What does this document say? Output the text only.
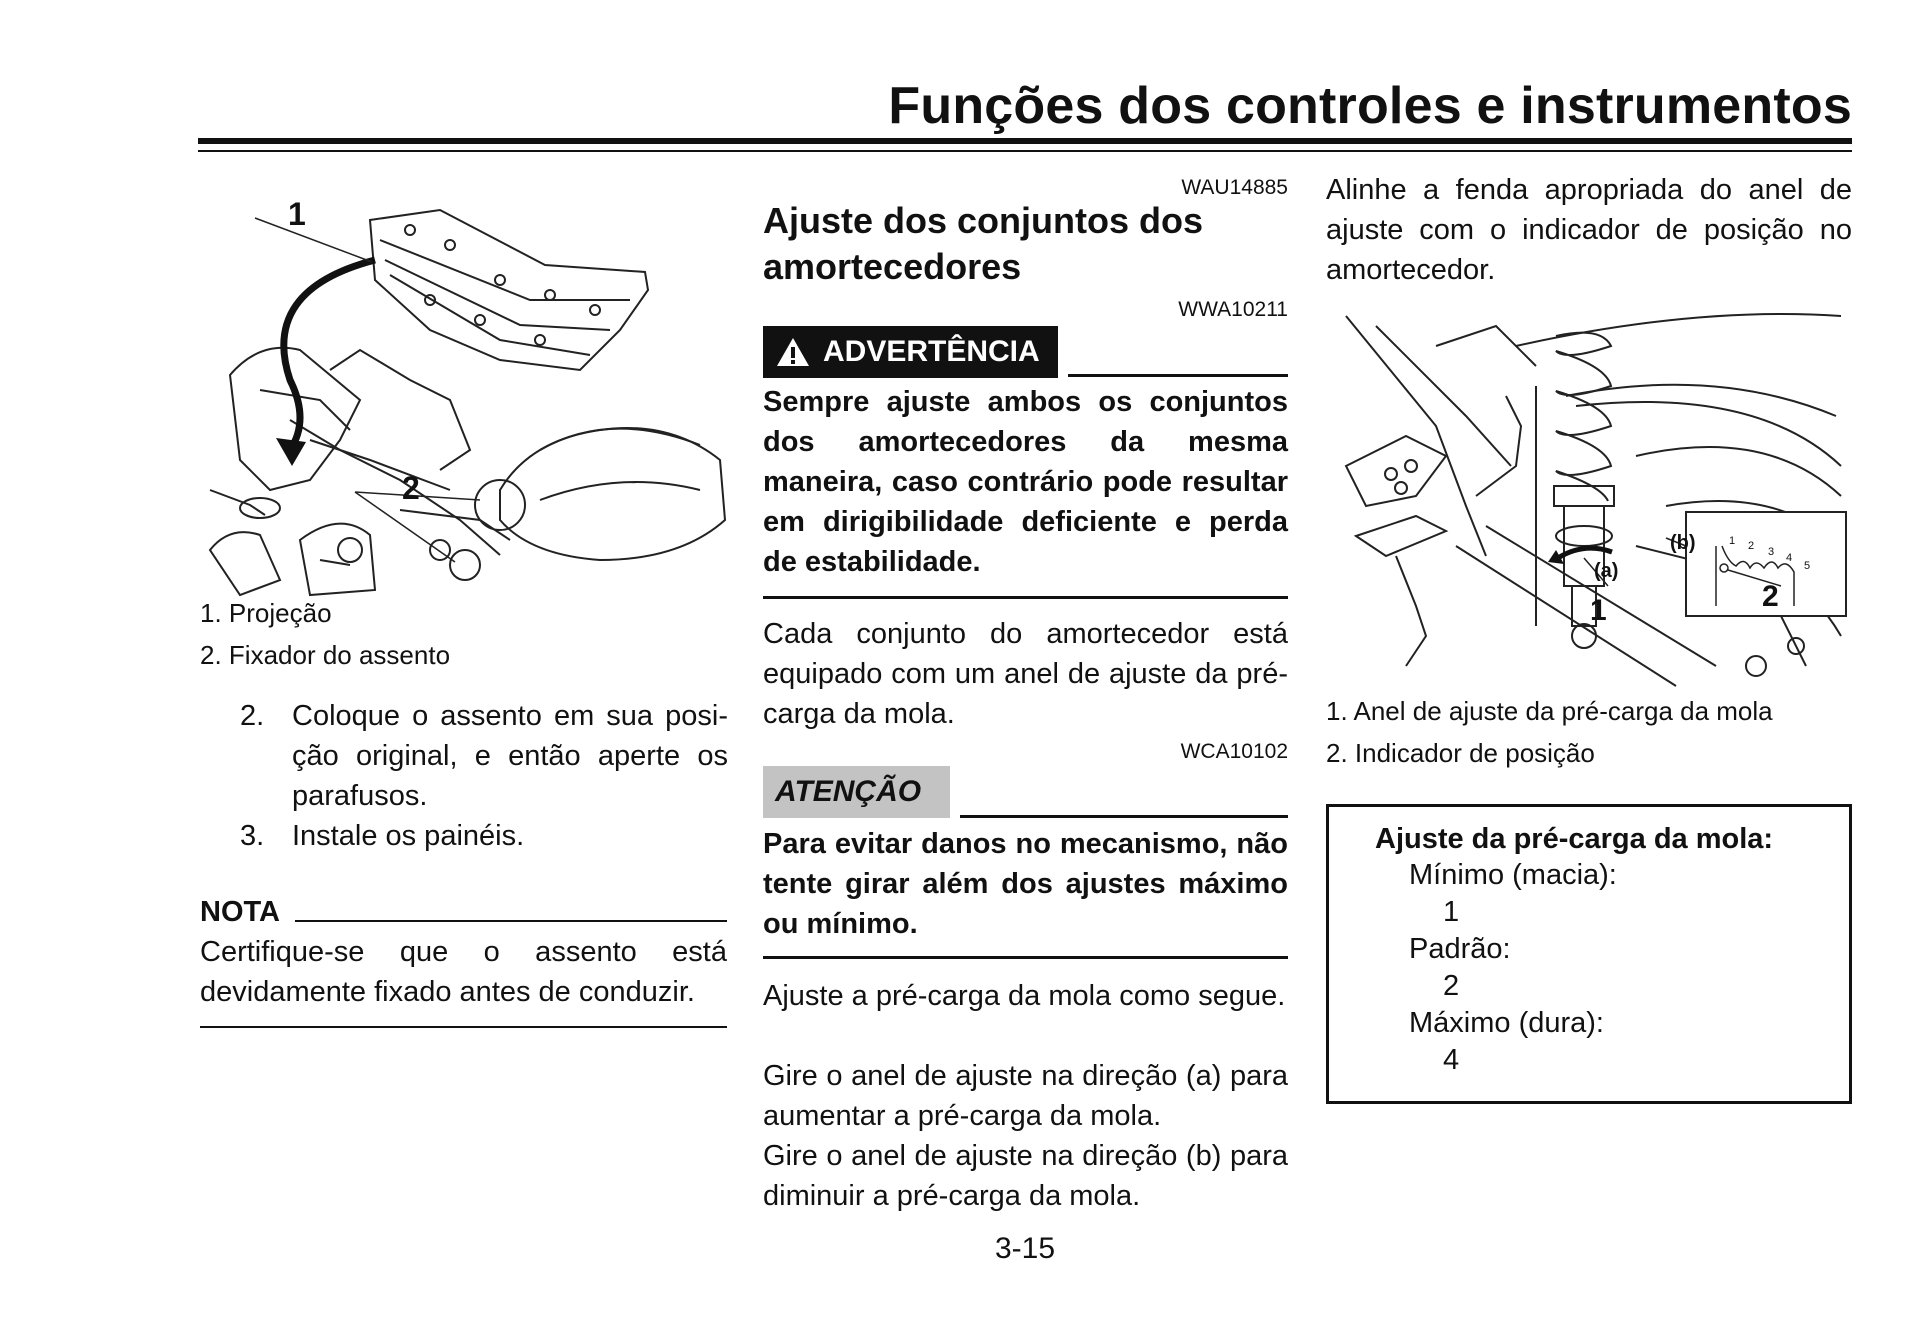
Funções dos controles e instrumentos
1
2
1. Projeção
2. Fixador do assento
2. Coloque o assento em sua posi-ção original, e então aperte os parafusos.
3. Instale os painéis.
NOTA
Certifique-se que o assento está devidamente fixado antes de conduzir.
WAU14885
Ajuste dos conjuntos dos amortecedores
WWA10211
ADVERTÊNCIA
Sempre ajuste ambos os conjuntos dos amortecedores da mesma maneira, caso contrário pode resultar em dirigibilidade deficiente e perda de estabilidade.
Cada conjunto do amortecedor está equipado com um anel de ajuste da pré-carga da mola.
WCA10102
ATENÇÃO
Para evitar danos no mecanismo, não tente girar além dos ajustes máximo ou mínimo.
Ajuste a pré-carga da mola como segue.
Gire o anel de ajuste na direção (a) para aumentar a pré-carga da mola.
Gire o anel de ajuste na direção (b) para diminuir a pré-carga da mola.
3-15
Alinhe a fenda apropriada do anel de ajuste com o indicador de posição no amortecedor.
1	2
(a)
(b)	1 2 3 4
5
1. Anel de ajuste da pré-carga da mola
2. Indicador de posição
Ajuste da pré-carga da mola:
Mínimo (macia):
1
Padrão:
2
Máximo (dura):
4
